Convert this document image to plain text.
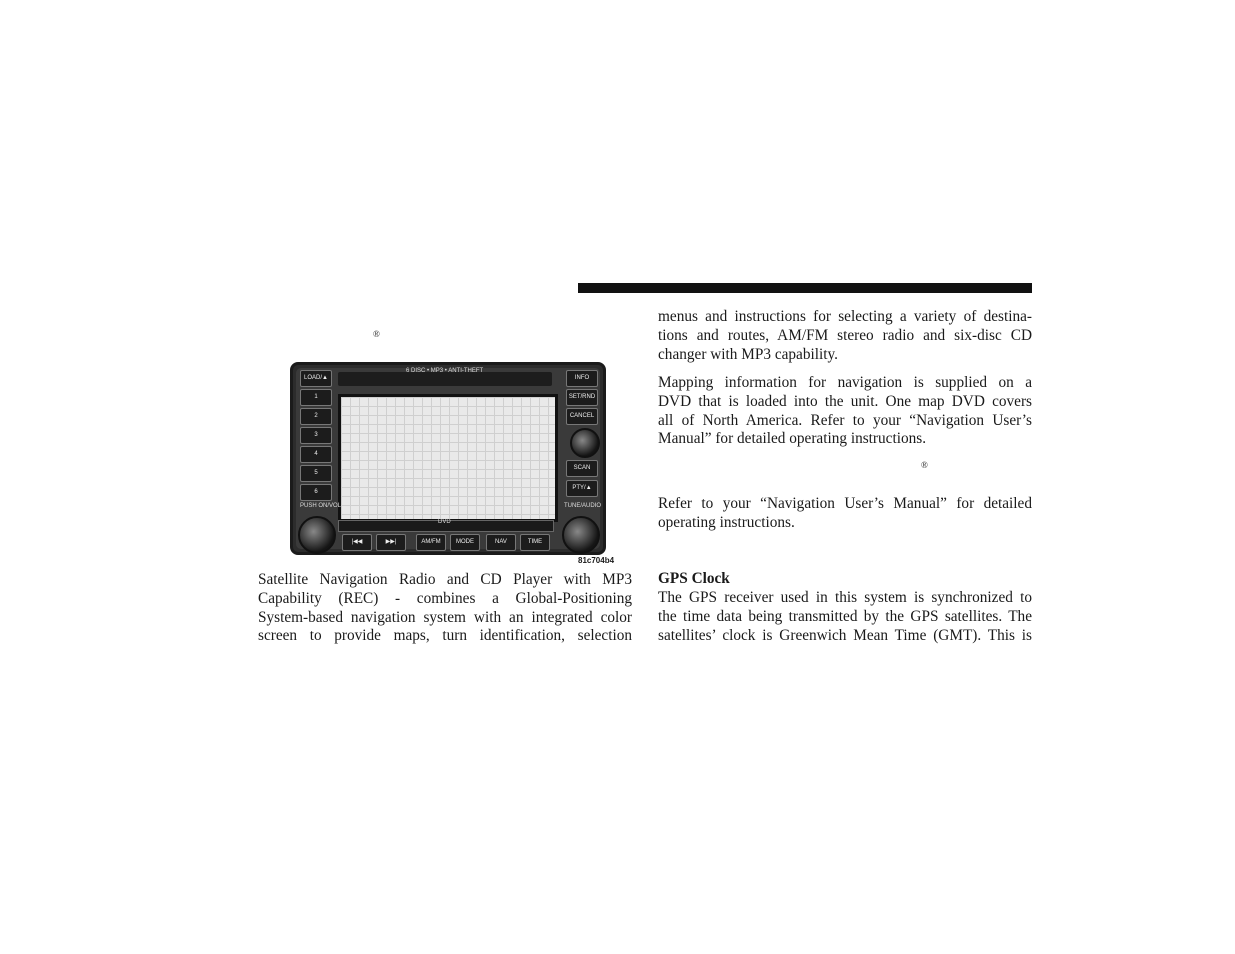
®
®
6 DISC • MP3 • ANTI-THEFT
LOAD/▲
1
2
3
4
5
6
PUSH ON/VOL
INFO
SET/RND
CANCEL
SCAN
PTY/▲
TUNE/AUDIO
DVD
|◀◀	▶▶|	AM/FM	MODE	NAV	TIME
81c704b4
Satellite Navigation Radio and CD Player with MP3
Capability (REC) - combines a Global-Positioning
System-based navigation system with an integrated color
screen to provide maps, turn identification, selection
menus and instructions for selecting a variety of destina-
tions and routes, AM/FM stereo radio and six-disc CD
changer with MP3 capability.
Mapping information for navigation is supplied on a
DVD that is loaded into the unit. One map DVD covers
all of North America. Refer to your “Navigation User’s
Manual” for detailed operating instructions.
Refer to your “Navigation User’s Manual” for detailed
operating instructions.
GPS Clock
The GPS receiver used in this system is synchronized to
the time data being transmitted by the GPS satellites. The
satellites’ clock is Greenwich Mean Time (GMT). This is
